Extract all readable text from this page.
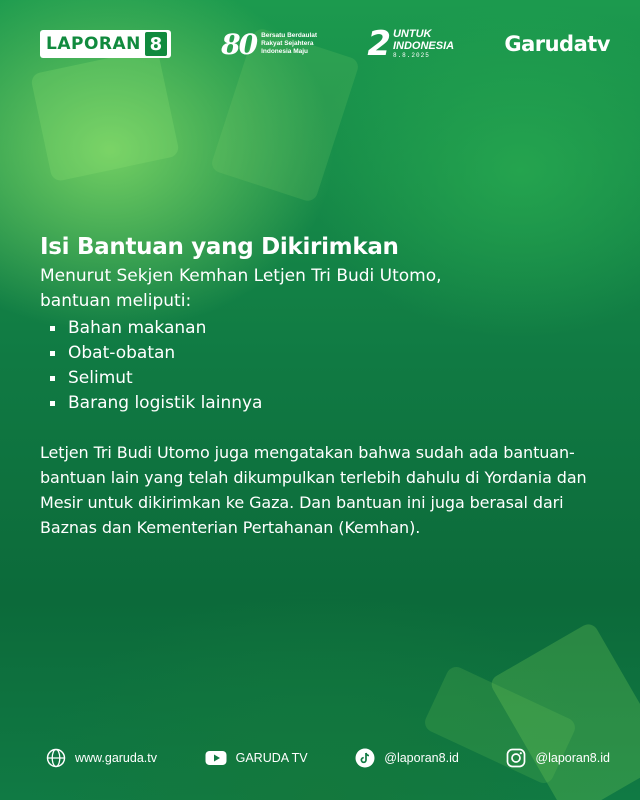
LAPORAN 8 80 Bersatu Berdaulat
Rakyat Sejahtera
Indonesia Maju 2 UNTUK
INDONESIA
8.8.2025	Garudatv
Isi Bantuan yang Dikirimkan
Menurut Sekjen Kemhan Letjen Tri Budi Utomo,
bantuan meliputi:
Bahan makanan
Obat-obatan
Selimut
Barang logistik lainnya
Letjen Tri Budi Utomo juga mengatakan bahwa sudah ada bantuan-bantuan lain yang telah dikumpulkan terlebih dahulu di Yordania dan Mesir untuk dikirimkan ke Gaza. Dan bantuan ini juga berasal dari Baznas dan Kementerian Pertahanan (Kemhan).
www.garuda.tv	GARUDA TV	@laporan8.id	@laporan8.id
